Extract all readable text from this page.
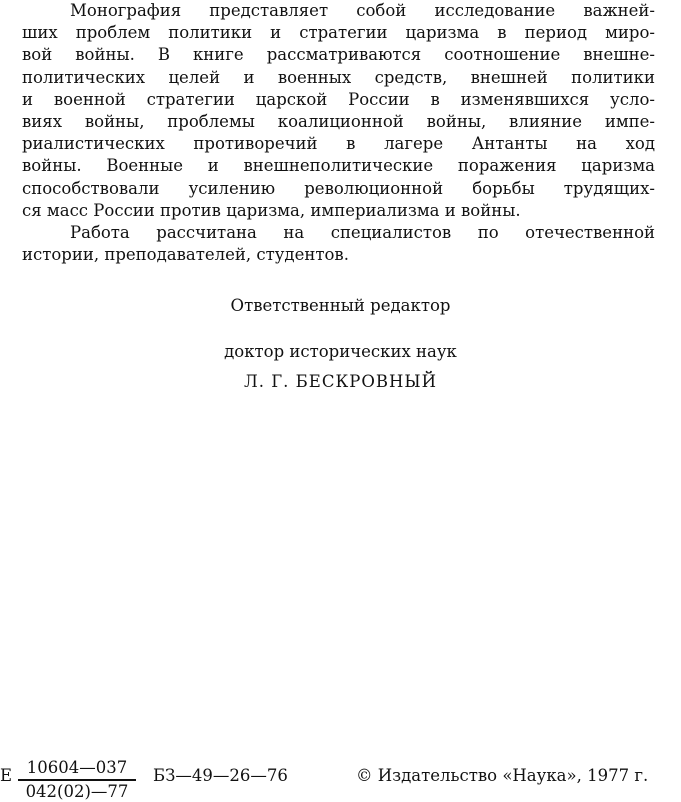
Монография представляет собой исследование важней-
ших проблем политики и стратегии царизма в период миро-
вой войны. В книге рассматриваются соотношение внешне-
политических целей и военных средств, внешней политики
и военной стратегии царской России в изменявшихся усло-
виях войны, проблемы коалиционной войны, влияние импе-
риалистических противоречий в лагере Антанты на ход
войны. Военные и внешнеполитические поражения царизма
способствовали усилению революционной борьбы трудящих-
ся масс России против царизма, империализма и войны.

Работа рассчитана на специалистов по отечественной
истории, преподавателей, студентов.

Ответственный редактор
доктор исторических наук
Л. Г. БЕСКРОВНЫЙ
Е 10604—037
042(02)—77
БЗ—49—26—76	© Издательство «Наука», 1977 г.
